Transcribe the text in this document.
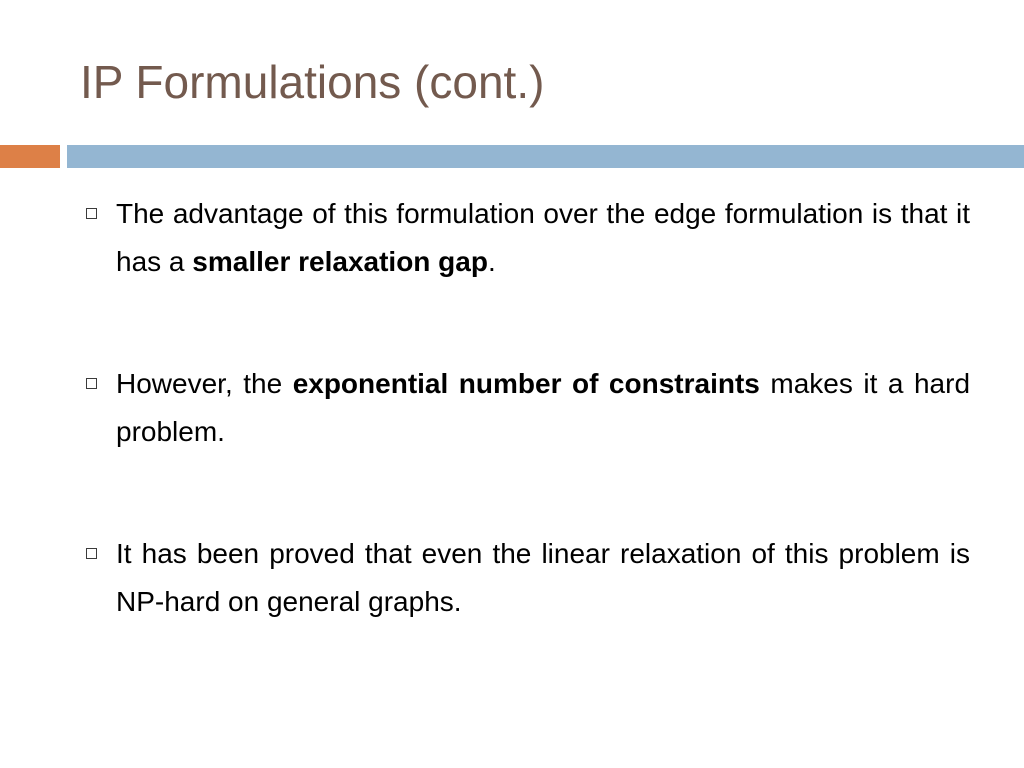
IP Formulations (cont.)
The advantage of this formulation over the edge formulation is that it has a smaller relaxation gap.
However, the exponential number of constraints makes it a hard problem.
It has been proved that even the linear relaxation of this problem is NP-hard on general graphs.
